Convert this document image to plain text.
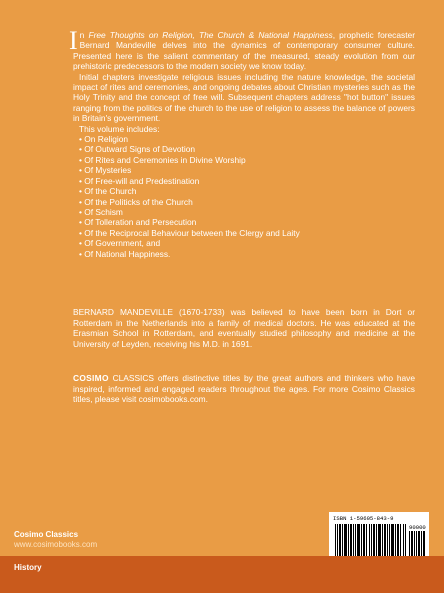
In Free Thoughts on Religion, The Church & National Happiness, prophetic forecaster Bernard Mandeville delves into the dynamics of contemporary consumer culture. Presented here is the salient commentary of the measured, steady evolution from our prehistoric predecessors to the modern society we know today.

Initial chapters investigate religious issues including the nature knowledge, the societal impact of rites and ceremonies, and ongoing debates about Christian mysteries such as the Holy Trinity and the concept of free will. Subsequent chapters address "hot button" issues ranging from the politics of the church to the use of religion to assess the balance of powers in Britain's government.

This volume includes:

• On Religion
• Of Outward Signs of Devotion
• Of Rites and Ceremonies in Divine Worship
• Of Mysteries
• Of Free-will and Predestination
• Of the Church
• Of the Politicks of the Church
• Of Schism
• Of Tolleration and Persecution
• Of the Reciprocal Behaviour between the Clergy and Laity
• Of Government, and
• Of National Happiness.

BERNARD MANDEVILLE (1670-1733) was believed to have been born in Dort or Rotterdam in the Netherlands into a family of medical doctors. He was educated at the Erasmian School in Rotterdam, and eventually studied philosophy and medicine at the University of Leyden, receiving his M.D. in 1691.

COSIMO CLASSICS offers distinctive titles by the great authors and thinkers who have inspired, informed and engaged readers throughout the ages. For more Cosimo Classics titles, please visit cosimobooks.com.

Cosimo Classics
www.cosimobooks.com
ISBN 1-59605-843-9
90000
History
